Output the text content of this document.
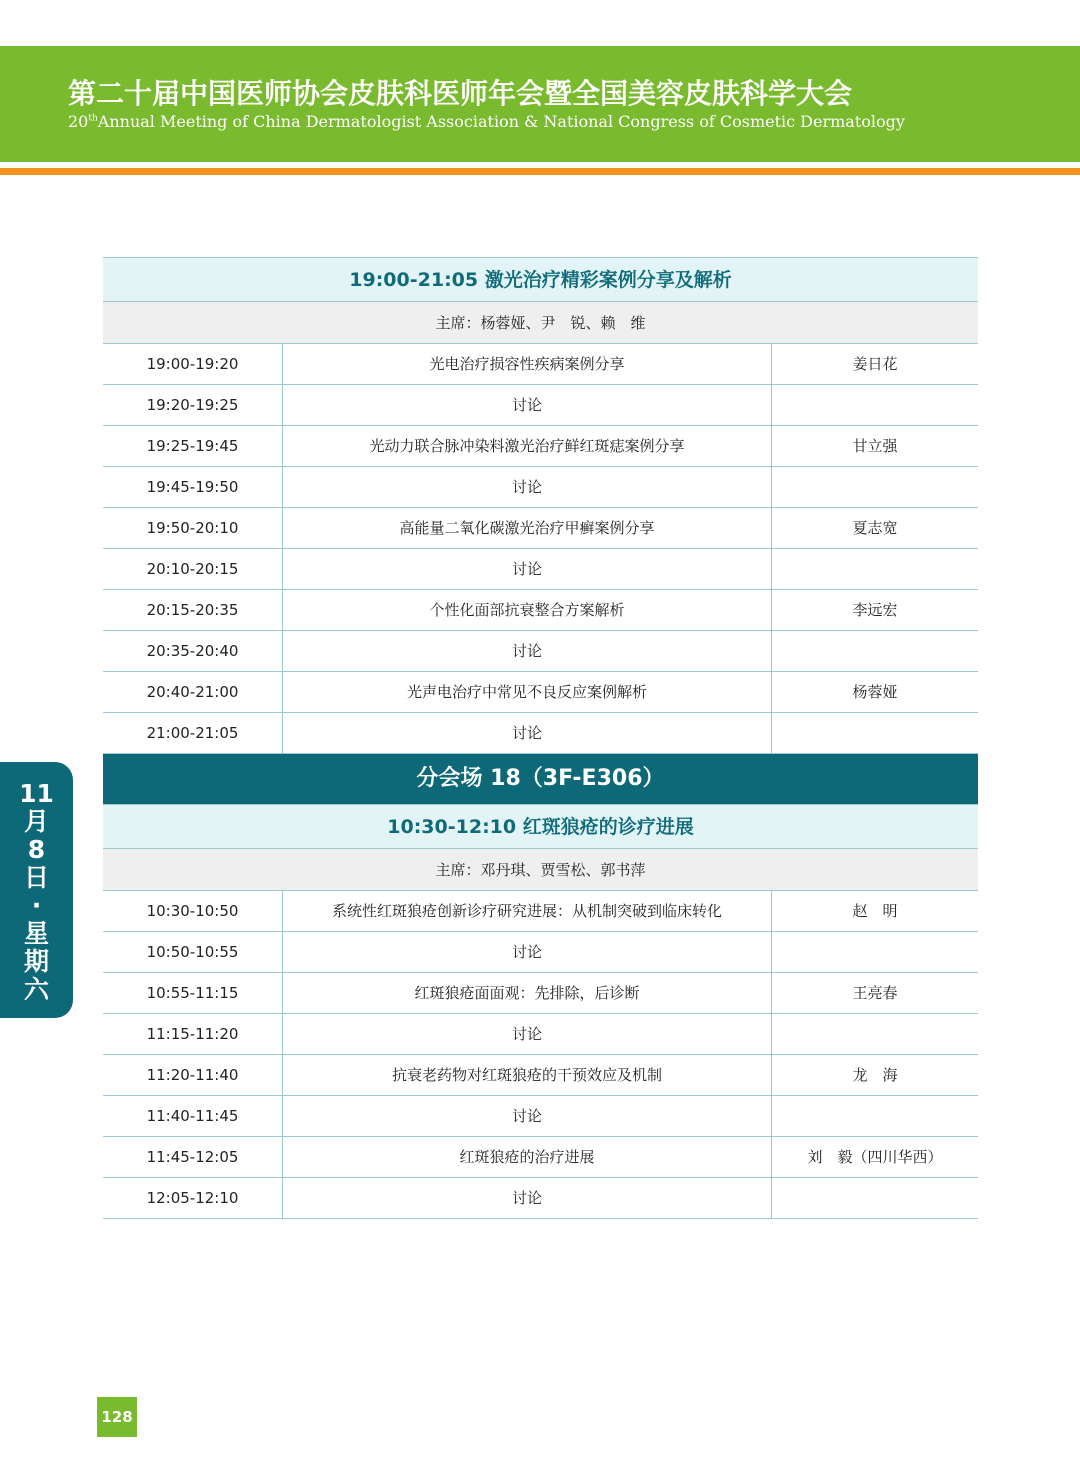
第二十届中国医师协会皮肤科医师年会暨全国美容皮肤科学大会
20thAnnual Meeting of China Dermatologist Association & National Congress of Cosmetic Dermatology
19:00-21:05 激光治疗精彩案例分享及解析
主席：杨蓉娅、尹　锐、赖　维
19:00-19:20	光电治疗损容性疾病案例分享	姜日花
19:20-19:25	讨论
19:25-19:45	光动力联合脉冲染料激光治疗鲜红斑痣案例分享	甘立强
19:45-19:50	讨论
19:50-20:10	高能量二氧化碳激光治疗甲癣案例分享	夏志宽
20:10-20:15	讨论
20:15-20:35	个性化面部抗衰整合方案解析	李远宏
20:35-20:40	讨论
20:40-21:00	光声电治疗中常见不良反应案例解析	杨蓉娅
21:00-21:05	讨论
分会场 18（3F-E306）
10:30-12:10 红斑狼疮的诊疗进展
主席：邓丹琪、贾雪松、郭书萍
10:30-10:50	系统性红斑狼疮创新诊疗研究进展：从机制突破到临床转化	赵　明
10:50-10:55	讨论
10:55-11:15	红斑狼疮面面观：先排除，后诊断	王亮春
11:15-11:20	讨论
11:20-11:40	抗衰老药物对红斑狼疮的干预效应及机制	龙　海
11:40-11:45	讨论
11:45-12:05	红斑狼疮的治疗进展	刘　毅（四川华西）
12:05-12:10	讨论
11
月
8
日
·
星
期
六
128
